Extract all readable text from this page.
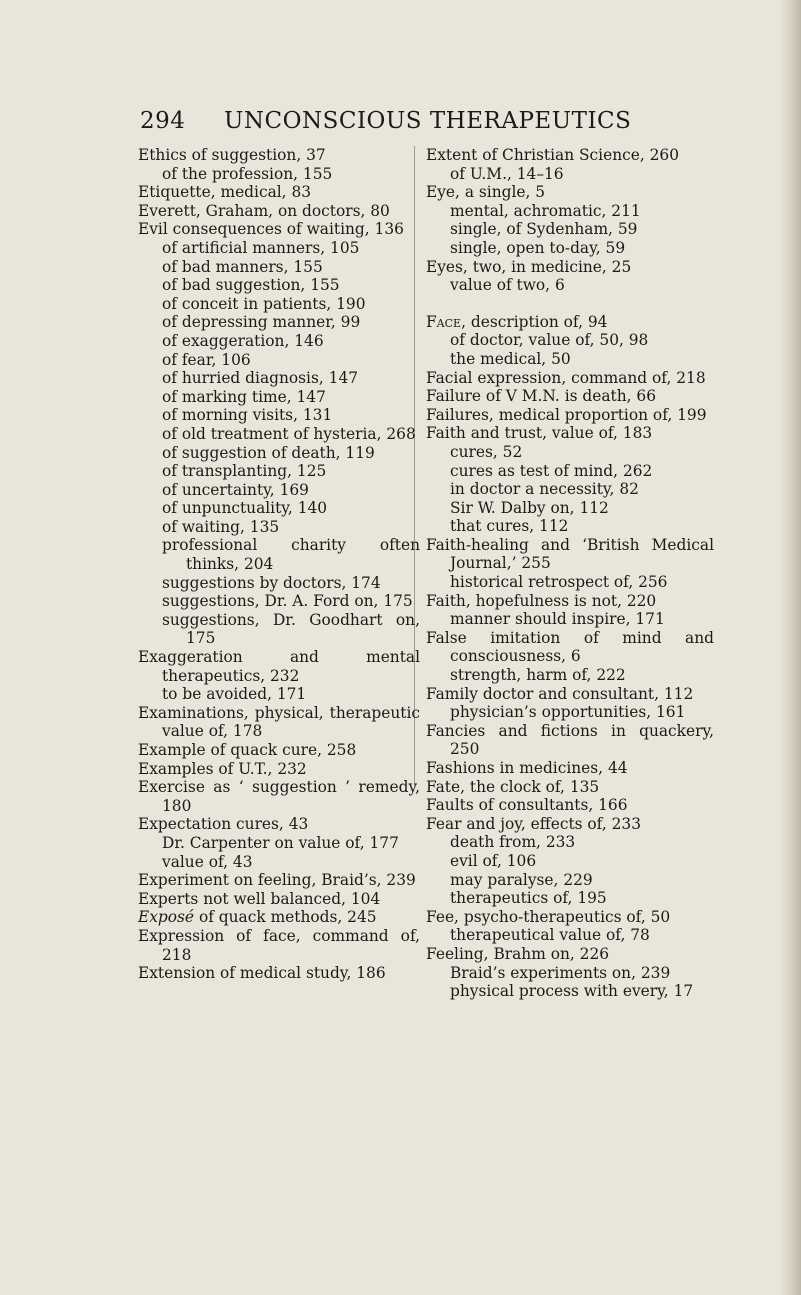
294 UNCONSCIOUS THERAPEUTICS
Ethics of suggestion, 37
of the profession, 155
Etiquette, medical, 83
Everett, Graham, on doctors, 80
Evil consequences of waiting, 136
of artificial manners, 105
of bad manners, 155
of bad suggestion, 155
of conceit in patients, 190
of depressing manner, 99
of exaggeration, 146
of fear, 106
of hurried diagnosis, 147
of marking time, 147
of morning visits, 131
of old treatment of hysteria, 268
of suggestion of death, 119
of transplanting, 125
of uncertainty, 169
of unpunctuality, 140
of waiting, 135
professional charity often thinks, 204
suggestions by doctors, 174
suggestions, Dr. A. Ford on, 175
suggestions, Dr. Goodhart on, 175
Exaggeration and mental therapeutics, 232
to be avoided, 171
Examinations, physical, therapeutic value of, 178
Example of quack cure, 258
Examples of U.T., 232
Exercise as ‘ suggestion ’ remedy, 180
Expectation cures, 43
Dr. Carpenter on value of, 177
value of, 43
Experiment on feeling, Braid’s, 239
Experts not well balanced, 104
Exposé of quack methods, 245
Expression of face, command of, 218
Extension of medical study, 186
Extent of Christian Science, 260
of U.M., 14–16
Eye, a single, 5
mental, achromatic, 211
single, of Sydenham, 59
single, open to-day, 59
Eyes, two, in medicine, 25
value of two, 6
Face, description of, 94
of doctor, value of, 50, 98
the medical, 50
Facial expression, command of, 218
Failure of V M.N. is death, 66
Failures, medical proportion of, 199
Faith and trust, value of, 183
cures, 52
cures as test of mind, 262
in doctor a necessity, 82
Sir W. Dalby on, 112
that cures, 112
Faith-healing and ‘British Medical Journal,’ 255
historical retrospect of, 256
Faith, hopefulness is not, 220
manner should inspire, 171
False imitation of mind and consciousness, 6
strength, harm of, 222
Family doctor and consultant, 112
physician’s opportunities, 161
Fancies and fictions in quackery, 250
Fashions in medicines, 44
Fate, the clock of, 135
Faults of consultants, 166
Fear and joy, effects of, 233
death from, 233
evil of, 106
may paralyse, 229
therapeutics of, 195
Fee, psycho-therapeutics of, 50
therapeutical value of, 78
Feeling, Brahm on, 226
Braid’s experiments on, 239
physical process with every, 17
